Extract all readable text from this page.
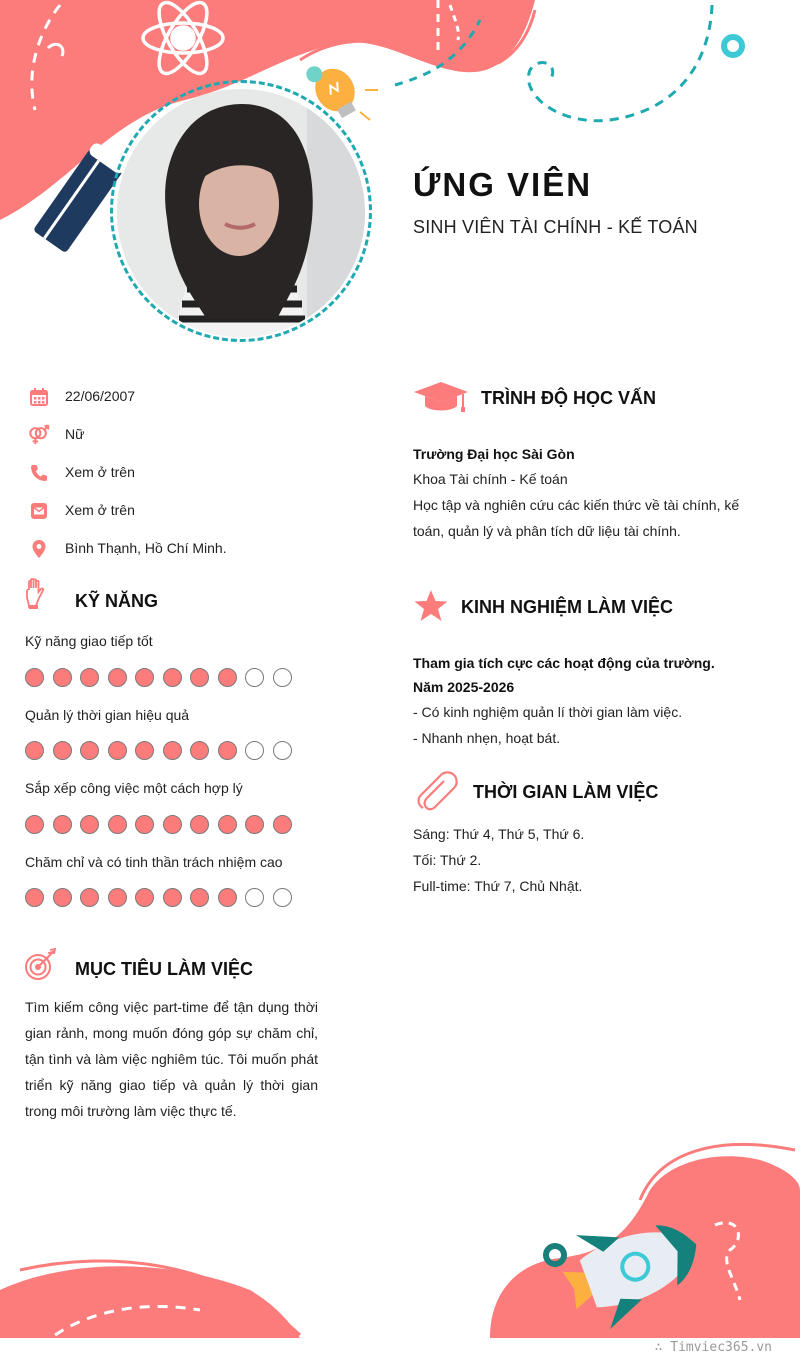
ỨNG VIÊN
SINH VIÊN TÀI CHÍNH - KẾ TOÁN
22/06/2007
Nữ
Xem ở trên
Xem ở trên
Bình Thạnh, Hồ Chí Minh.
KỸ NĂNG
Kỹ năng giao tiếp tốt
Quản lý thời gian hiệu quả
Sắp xếp công việc một cách hợp lý
Chăm chỉ và có tinh thần trách nhiệm cao
MỤC TIÊU LÀM VIỆC
Tìm kiếm công việc part-time để tận dụng thời gian rảnh, mong muốn đóng góp sự chăm chỉ, tận tình và làm việc nghiêm túc. Tôi muốn phát triển kỹ năng giao tiếp và quản lý thời gian trong môi trường làm việc thực tế.
TRÌNH ĐỘ HỌC VẤN
Trường Đại học Sài Gòn
Khoa Tài chính - Kế toán
Học tập và nghiên cứu các kiến thức về tài chính, kế toán, quản lý và phân tích dữ liệu tài chính.
KINH NGHIỆM LÀM VIỆC
Tham gia tích cực các hoạt động của trường.
Năm 2025-2026
- Có kinh nghiệm quản lí thời gian làm việc.
- Nhanh nhẹn, hoạt bát.
THỜI GIAN LÀM VIỆC
Sáng: Thứ 4, Thứ 5, Thứ 6.
Tối: Thứ 2.
Full-time: Thứ 7, Chủ Nhật.
∴ Timviec365.vn
